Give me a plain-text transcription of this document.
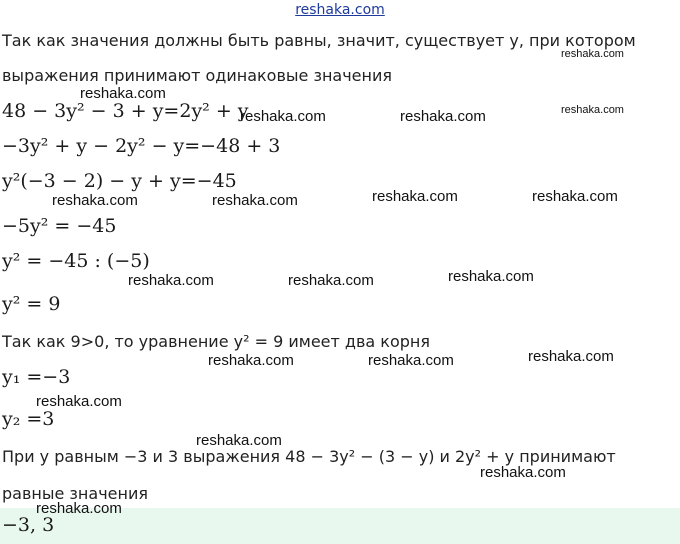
reshaka.com
Так как значения должны быть равны, значит, существует y, при котором
выражения принимают одинаковые значения
48 − 3y² − 3 + y=2y² + y
−3y² + y − 2y² − y=−48 + 3
y²(−3 − 2) − y + y=−45
−5y² = −45
y² = −45 : (−5)
y² = 9
Так как 9>0, то уравнение y² = 9 имеет два корня
y₁ =−3
y₂ =3
При y равным −3 и 3 выражения 48 − 3y² − (3 − y) и 2y² + y принимают
равные значения
−3, 3
reshaka.com
reshaka.com
reshaka.com	reshaka.com	reshaka.com
reshaka.com	reshaka.com	reshaka.com	reshaka.com
reshaka.com	reshaka.com	reshaka.com
reshaka.com	reshaka.com	reshaka.com
reshaka.com
reshaka.com
reshaka.com
reshaka.com
